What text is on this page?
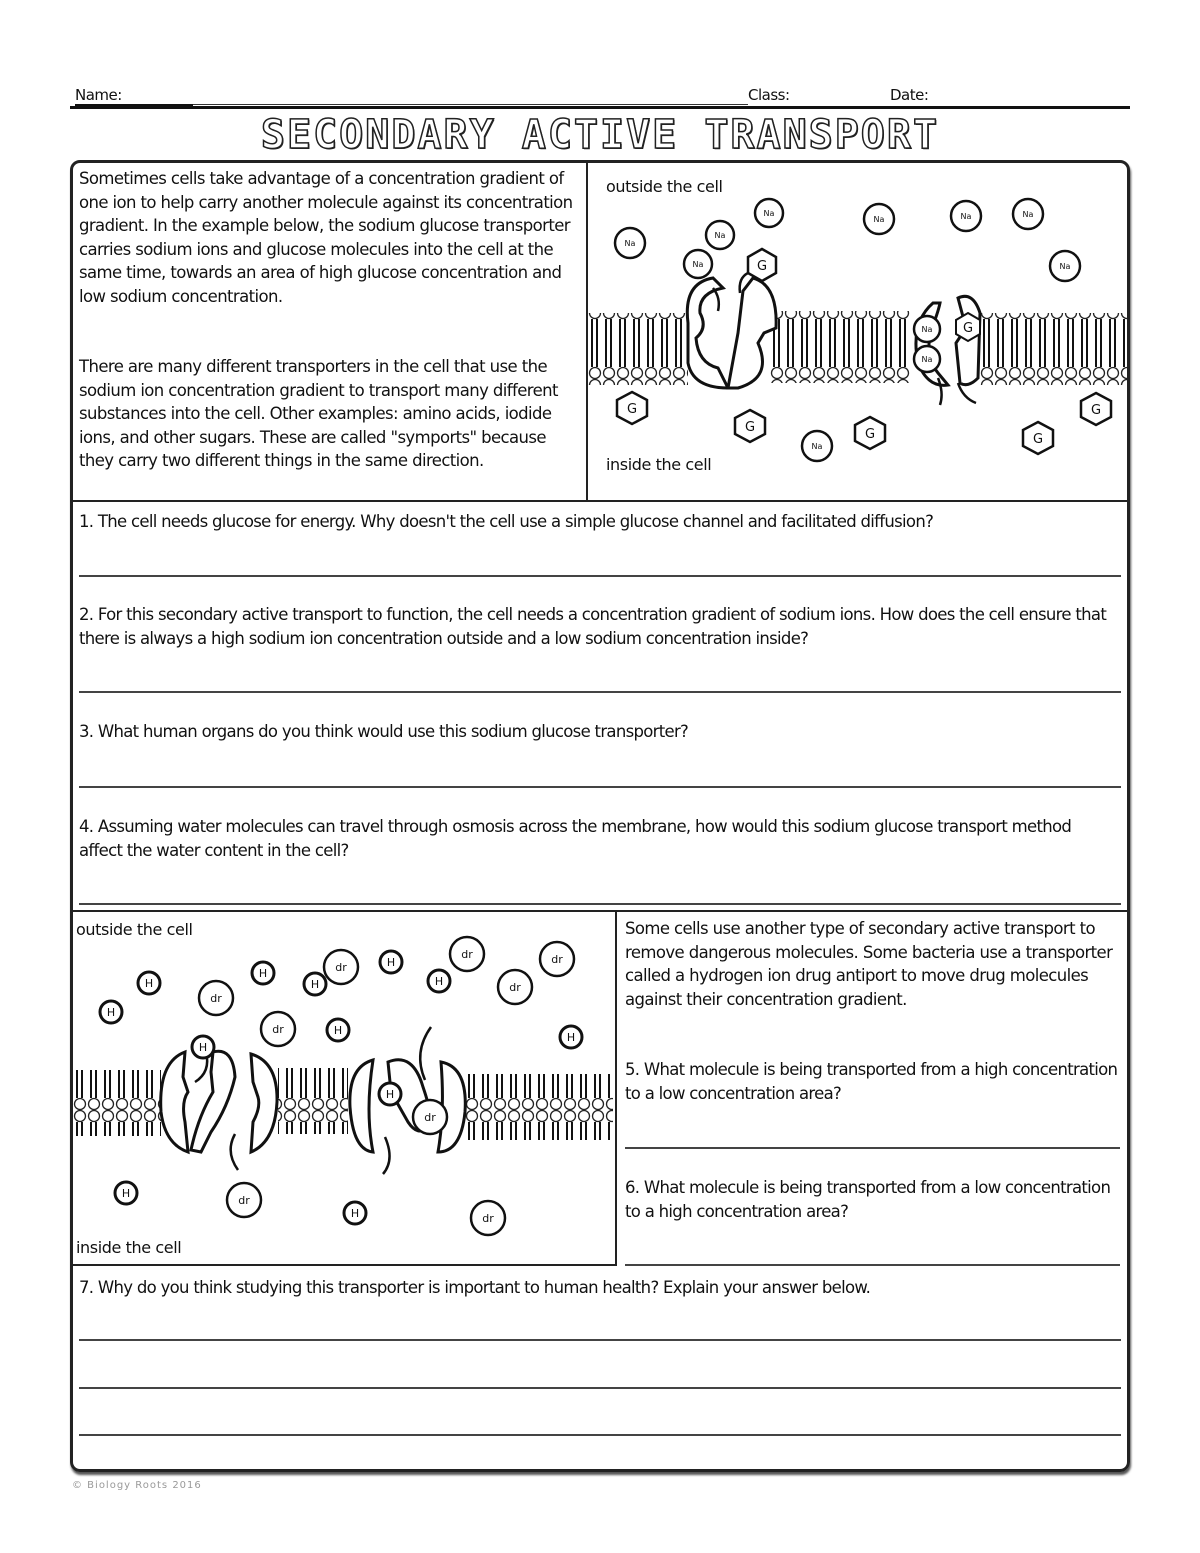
Name:	Class:	Date:
SECONDARY ACTIVE TRANSPORT
Sometimes cells take advantage of a concentration gradient of one ion to help carry another molecule against its concentration gradient. In the example below, the sodium glucose transporter carries sodium ions and glucose molecules into the cell at the same time, towards an area of high glucose concentration and low sodium concentration.
There are many different transporters in the cell that use the sodium ion concentration gradient to transport many different substances into the cell. Other examples: amino acids, iodide ions, and other sugars. These are called "symports" because they carry two different things in the same direction.
outside the cell
inside the cell
Na
Na
Na
Na
Na	Na	Na
Na
Na
Na
Na
G
G
G
G	G
G
G
1. The cell needs glucose for energy. Why doesn't the cell use a simple glucose channel and facilitated diffusion?
2. For this secondary active transport to function, the cell needs a concentration gradient of sodium ions. How does the cell ensure that there is always a high sodium ion concentration outside and a low sodium concentration inside?
3. What human organs do you think would use this sodium glucose transporter?
4. Assuming water molecules can travel through osmosis across the membrane, how would this sodium glucose transport method affect the water content in the cell?
outside the cell
inside the cell
H
H
H
H
H
H
H
H
H
H
H
H
dr
dr
dr
dr
dr
dr
dr
dr
dr
Some cells use another type of secondary active transport to remove dangerous molecules. Some bacteria use a transporter called a hydrogen ion drug antiport to move drug molecules against their concentration gradient.
5. What molecule is being transported from a high concentration to a low concentration area?
6. What molecule is being transported from a low concentration to a high concentration area?
7. Why do you think studying this transporter is important to human health? Explain your answer below.
© Biology Roots 2016
